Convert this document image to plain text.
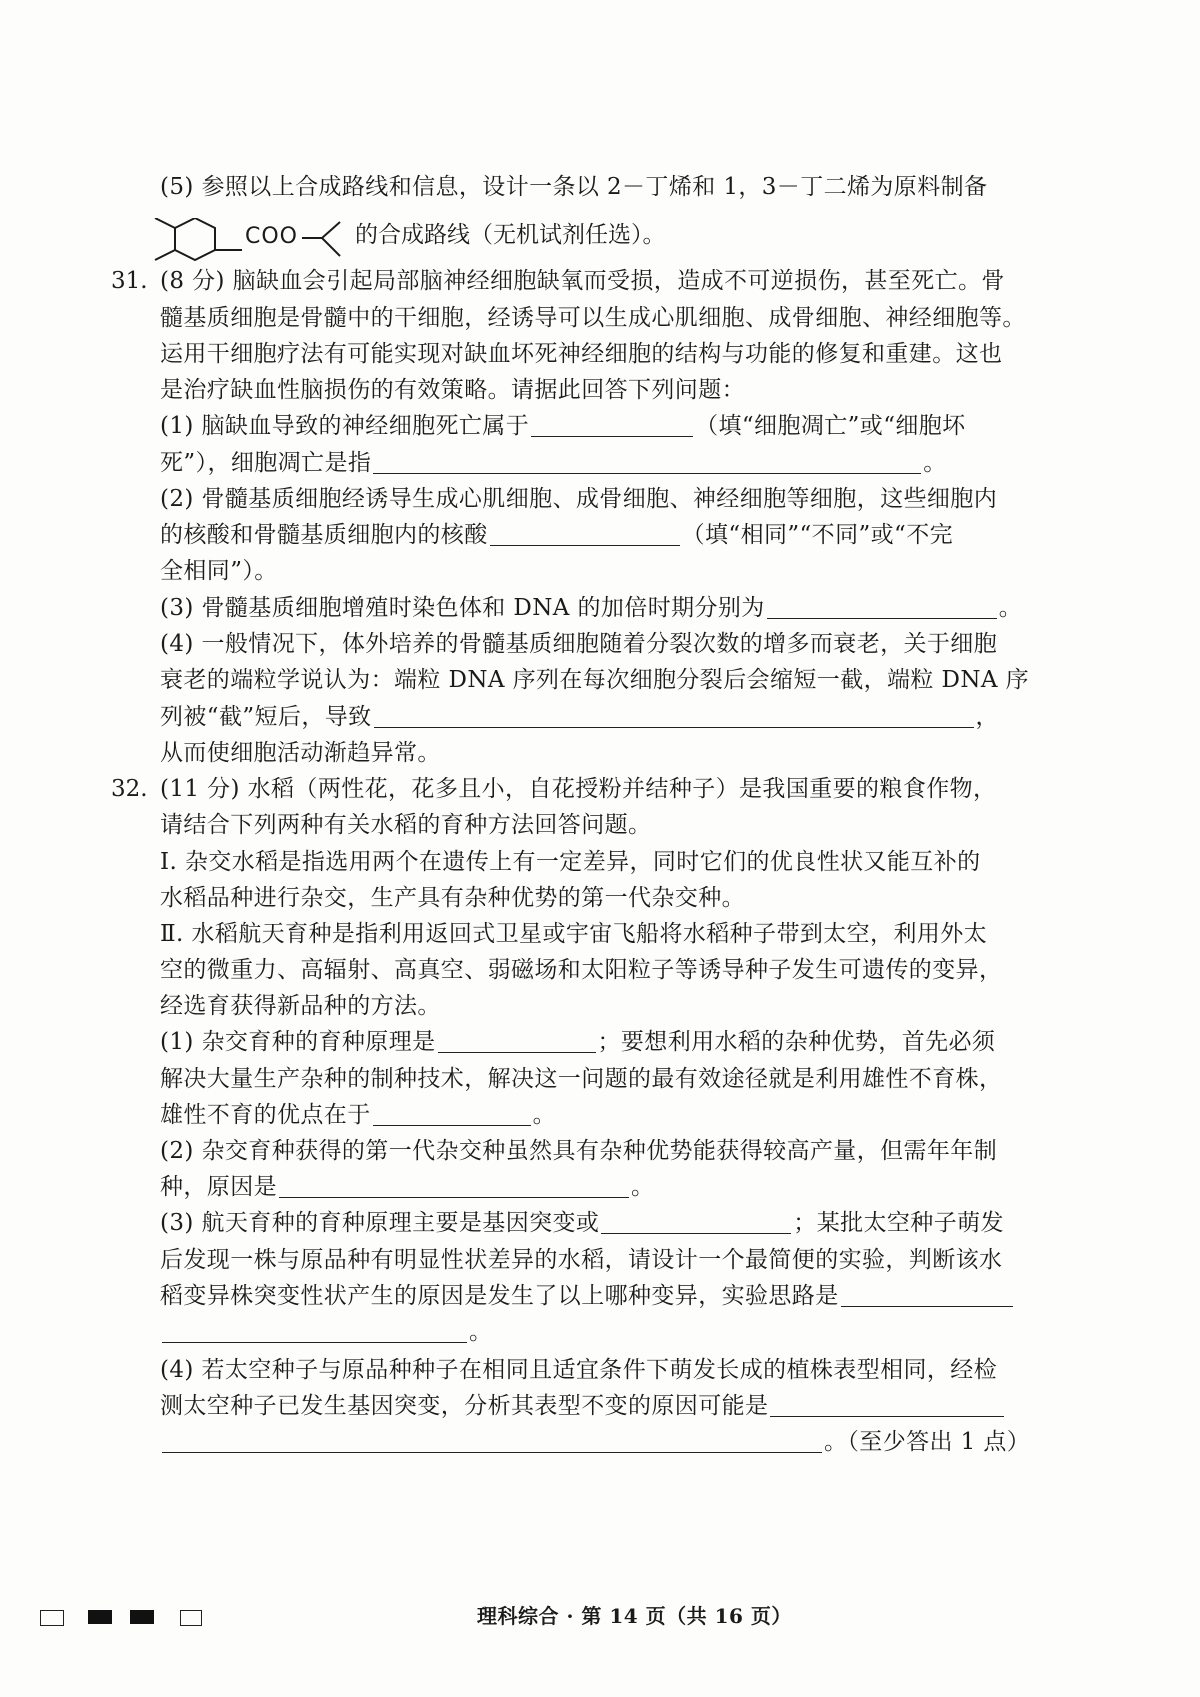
(5) 参照以上合成路线和信息，设计一条以 2－丁烯和 1，3－丁二烯为原料制备
COO 的合成路线（无机试剂任选）。
31. (8 分) 脑缺血会引起局部脑神经细胞缺氧而受损，造成不可逆损伤，甚至死亡。骨
髓基质细胞是骨髓中的干细胞，经诱导可以生成心肌细胞、成骨细胞、神经细胞等。
运用干细胞疗法有可能实现对缺血坏死神经细胞的结构与功能的修复和重建。这也
是治疗缺血性脑损伤的有效策略。请据此回答下列问题：
(1) 脑缺血导致的神经细胞死亡属于	（填“细胞凋亡”或“细胞坏
死”），细胞凋亡是指	。
(2) 骨髓基质细胞经诱导生成心肌细胞、成骨细胞、神经细胞等细胞，这些细胞内
的核酸和骨髓基质细胞内的核酸	（填“相同”“不同”或“不完
全相同”）。
(3) 骨髓基质细胞增殖时染色体和 DNA 的加倍时期分别为	。
(4) 一般情况下，体外培养的骨髓基质细胞随着分裂次数的增多而衰老，关于细胞
衰老的端粒学说认为：端粒 DNA 序列在每次细胞分裂后会缩短一截，端粒 DNA 序
列被“截”短后，导致	，
从而使细胞活动渐趋异常。
32. (11 分) 水稻（两性花，花多且小，自花授粉并结种子）是我国重要的粮食作物，
请结合下列两种有关水稻的育种方法回答问题。
Ⅰ. 杂交水稻是指选用两个在遗传上有一定差异，同时它们的优良性状又能互补的
水稻品种进行杂交，生产具有杂种优势的第一代杂交种。
Ⅱ. 水稻航天育种是指利用返回式卫星或宇宙飞船将水稻种子带到太空，利用外太
空的微重力、高辐射、高真空、弱磁场和太阳粒子等诱导种子发生可遗传的变异，
经选育获得新品种的方法。
(1) 杂交育种的育种原理是	；要想利用水稻的杂种优势，首先必须
解决大量生产杂种的制种技术，解决这一问题的最有效途径就是利用雄性不育株，
雄性不育的优点在于	。
(2) 杂交育种获得的第一代杂交种虽然具有杂种优势能获得较高产量，但需年年制
种，原因是	。
(3) 航天育种的育种原理主要是基因突变或	；某批太空种子萌发
后发现一株与原品种有明显性状差异的水稻，请设计一个最简便的实验，判断该水
稻变异株突变性状产生的原因是发生了以上哪种变异，实验思路是
。
(4) 若太空种子与原品种种子在相同且适宜条件下萌发长成的植株表型相同，经检
测太空种子已发生基因突变，分析其表型不变的原因可能是
。（至少答出 1 点）
理科综合 · 第 14 页（共 16 页）
